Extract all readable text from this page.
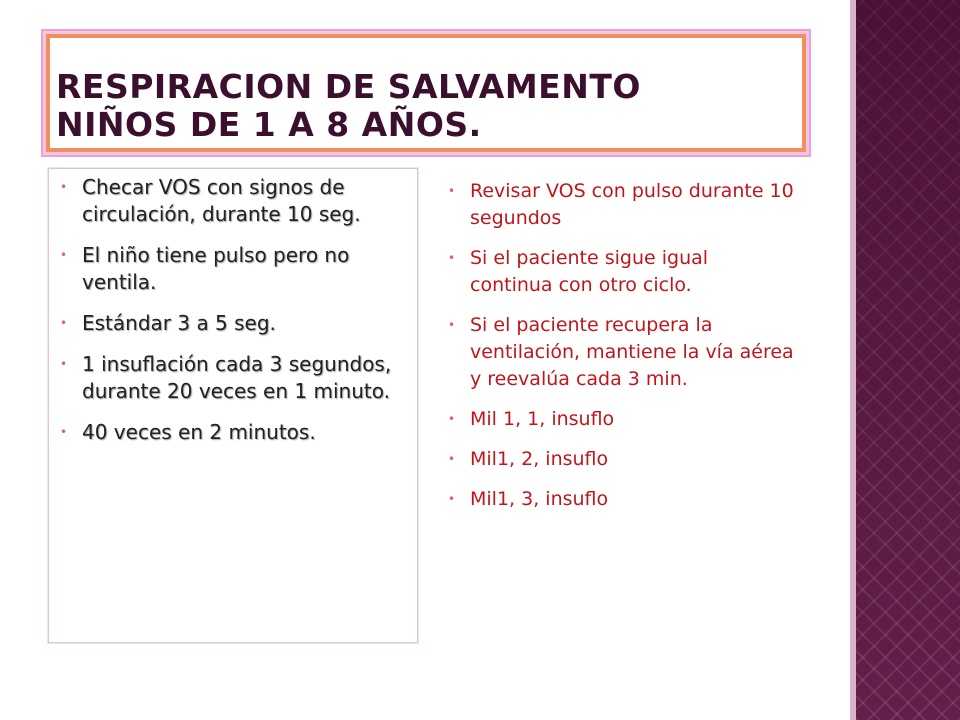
RESPIRACION DE SALVAMENTO
NIÑOS DE 1 A 8 AÑOS.
• Checar VOS con signos de circulación, durante 10 seg.
• El niño tiene pulso pero no ventila.
• Estándar 3 a 5 seg.
• 1 insuflación cada 3 segundos, durante 20 veces en 1 minuto.
• 40 veces en 2 minutos.
• Revisar VOS con pulso durante 10 segundos
• Si el paciente sigue igual continua con otro ciclo.
• Si el paciente recupera la ventilación, mantiene la vía aérea y reevalúa cada 3 min.
• Mil 1, 1, insuflo
• Mil1, 2, insuflo
• Mil1, 3, insuflo
